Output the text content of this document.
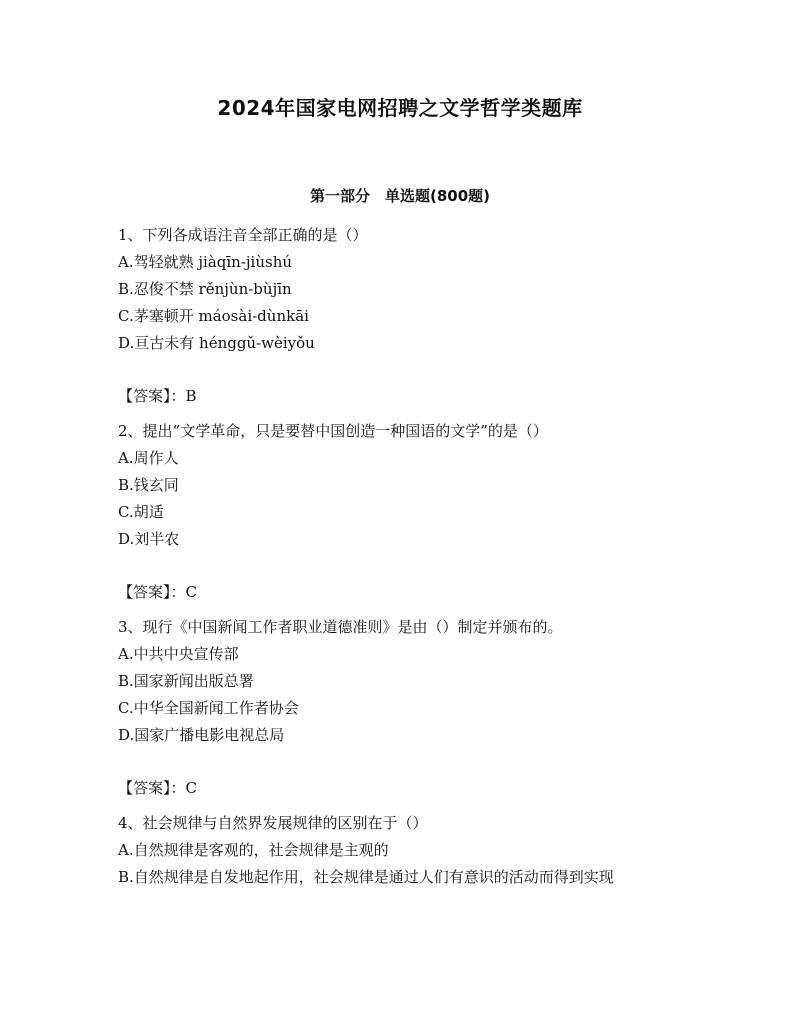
2024年国家电网招聘之文学哲学类题库
第一部分　单选题(800题)

1、下列各成语注音全部正确的是（）

A.驾轻就熟 jiàqīn-jiùshú
B.忍俊不禁 rěnjùn-bùjīn
C.茅塞顿开 máosài-dùnkāi
D.亘古未有 hénggǔ-wèiyǒu
【答案】：B

2、提出“文学革命，只是要替中国创造一种国语的文学”的是（）

A.周作人
B.钱玄同
C.胡适
D.刘半农
【答案】：C

3、现行《中国新闻工作者职业道德准则》是由（）制定并颁布的。

A.中共中央宣传部
B.国家新闻出版总署
C.中华全国新闻工作者协会
D.国家广播电影电视总局
【答案】：C

4、社会规律与自然界发展规律的区别在于（）

A.自然规律是客观的，社会规律是主观的
B.自然规律是自发地起作用，社会规律是通过人们有意识的活动而得到实现
